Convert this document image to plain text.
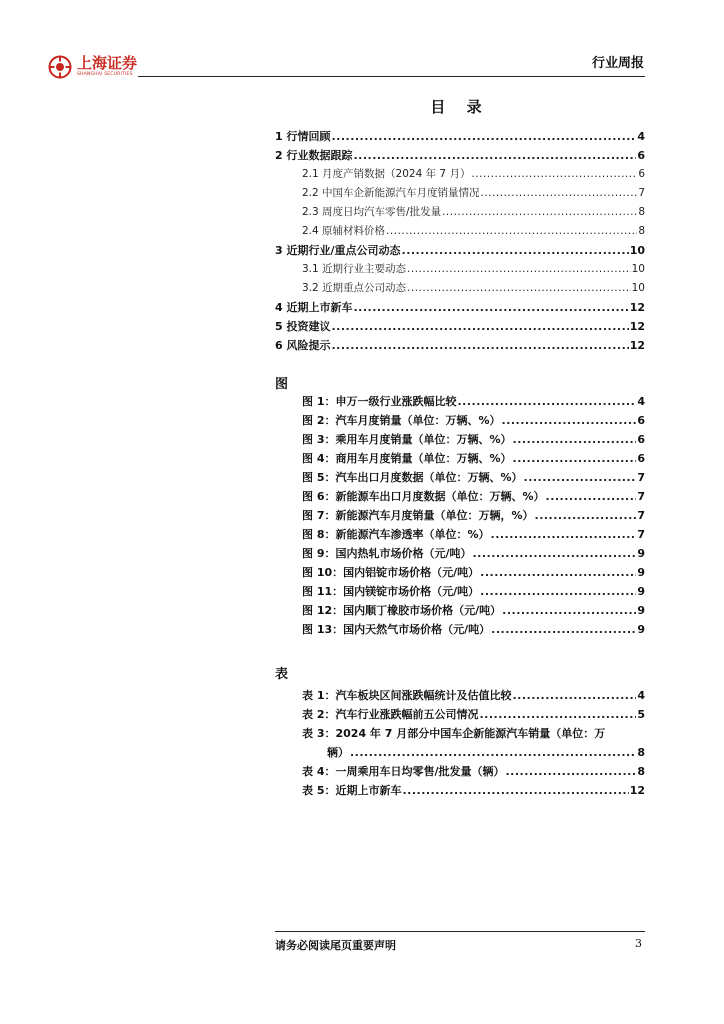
上海证券
SHANGHAI SECURITIES
行业周报
目 录
1 行情回顾 .....	4
2 行业数据跟踪 .....	6
2.1 月度产销数据（2024 年 7 月） .....	6
2.2 中国车企新能源汽车月度销量情况 .....	7
2.3 周度日均汽车零售/批发量 .....	8
2.4 原辅材料价格 .....	8
3 近期行业/重点公司动态 .....	10
3.1 近期行业主要动态 .....	10
3.2 近期重点公司动态 .....	10
4 近期上市新车 .....	12
5 投资建议 .....	12
6 风险提示 .....	12
图
图 1：申万一级行业涨跌幅比较 .....	4
图 2：汽车月度销量（单位：万辆、%） .....	6
图 3：乘用车月度销量（单位：万辆、%） .....	6
图 4：商用车月度销量（单位：万辆、%） .....	6
图 5：汽车出口月度数据（单位：万辆、%） .....	7
图 6：新能源车出口月度数据（单位：万辆、%） .....	7
图 7：新能源汽车月度销量（单位：万辆，%） .....	7
图 8：新能源汽车渗透率（单位：%） .....	7
图 9：国内热轧市场价格（元/吨） .....	9
图 10：国内铝锭市场价格（元/吨） .....	9
图 11：国内镁锭市场价格（元/吨） .....	9
图 12：国内顺丁橡胶市场价格（元/吨） .....	9
图 13：国内天然气市场价格（元/吨） .....	9
表
表 1：汽车板块区间涨跌幅统计及估值比较 .....	4
表 2：汽车行业涨跌幅前五公司情况 .....	5
表 3：2024 年 7 月部分中国车企新能源汽车销量（单位：万
辆） .....	8
表 4：一周乘用车日均零售/批发量（辆） .....	8
表 5：近期上市新车 .....	12
请务必阅读尾页重要声明	3
